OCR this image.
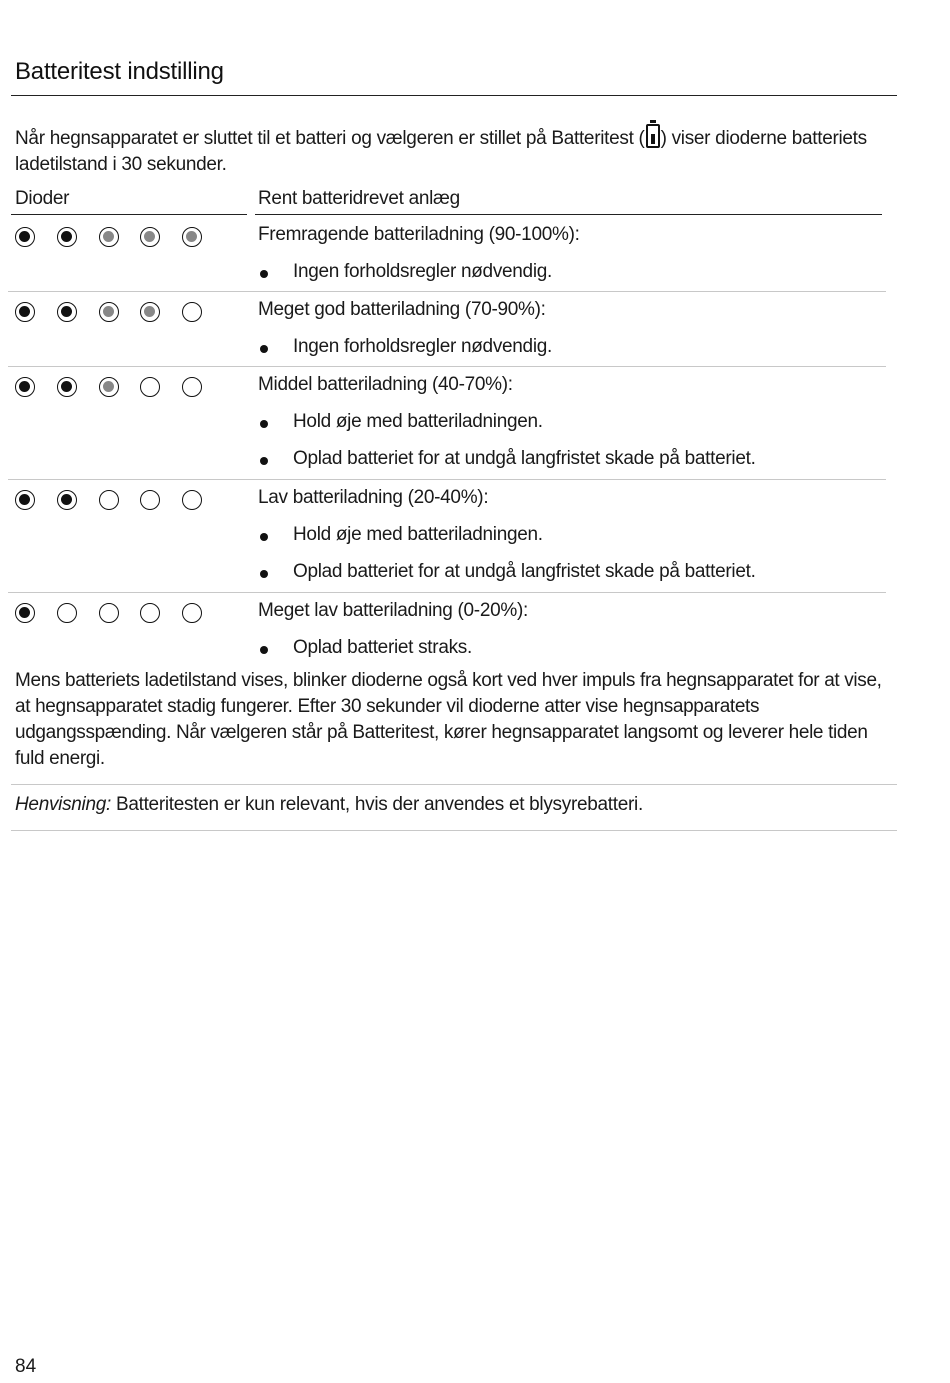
Batteritest indstilling
Når hegnsapparatet er sluttet til et batteri og vælgeren er stillet på Batteritest ( ) viser dioderne batteriets ladetilstand i 30 sekunder.
Dioder	Rent batteridrevet anlæg
Fremragende batteriladning (90-100%):
Ingen forholdsregler nødvendig.
Meget god batteriladning (70-90%):
Ingen forholdsregler nødvendig.
Middel batteriladning (40-70%):
Hold øje med batteriladningen.
Oplad batteriet for at undgå langfristet skade på batteriet.
Lav batteriladning (20-40%):
Hold øje med batteriladningen.
Oplad batteriet for at undgå langfristet skade på batteriet.
Meget lav batteriladning (0-20%):
Oplad batteriet straks.
Mens batteriets ladetilstand vises, blinker dioderne også kort ved hver impuls fra hegnsapparatet for at vise, at hegnsapparatet stadig fungerer. Efter 30 sekunder vil dioderne atter vise hegnsapparatets udgangsspænding. Når vælgeren står på Batteritest, kører hegnsapparatet langsomt og leverer hele tiden fuld energi.
Henvisning: Batteritesten er kun relevant, hvis der anvendes et blysyrebatteri.
84
